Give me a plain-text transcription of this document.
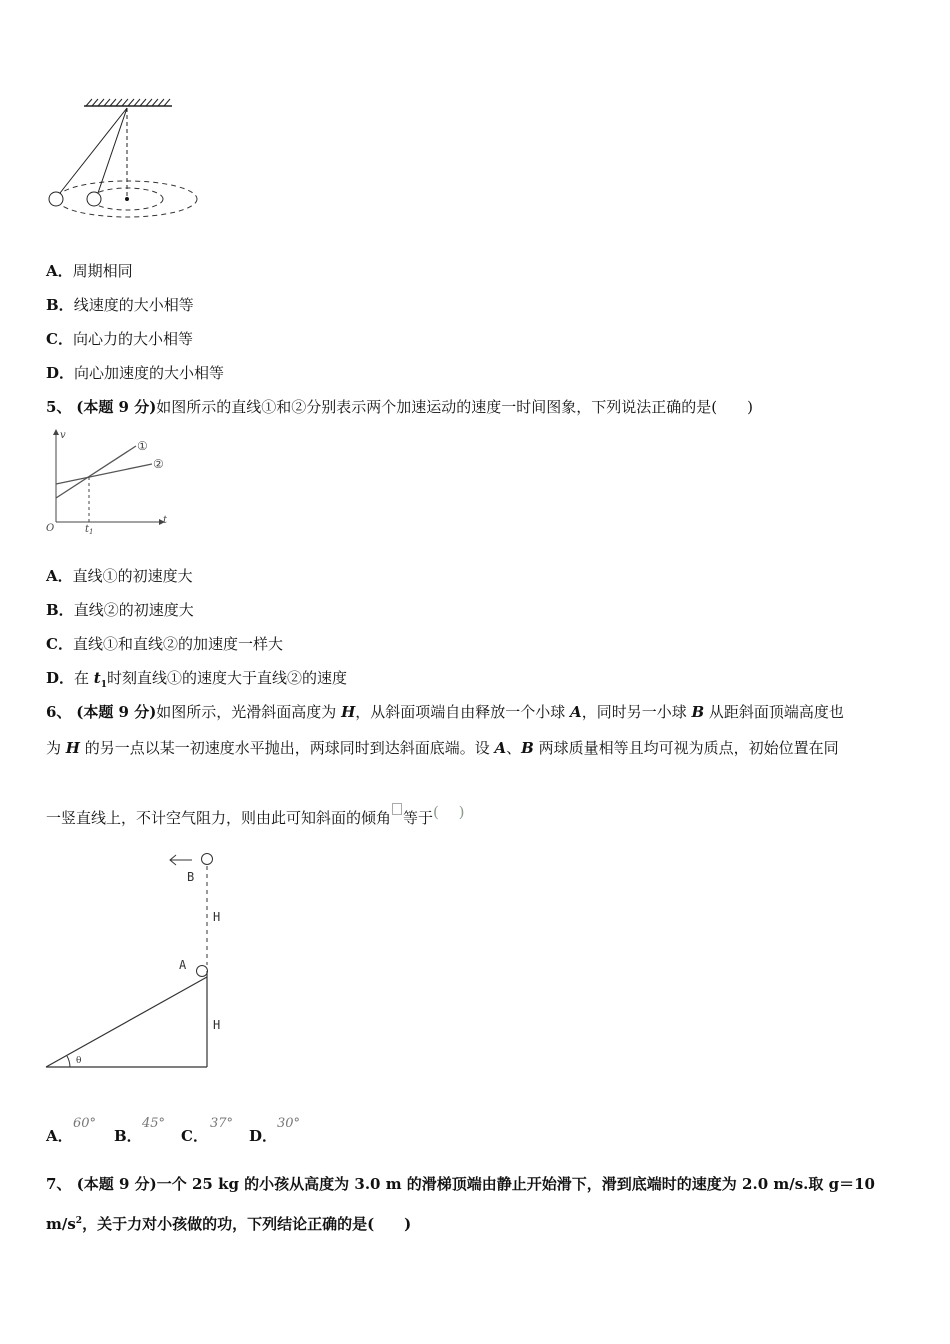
A．周期相同
B．线速度的大小相等
C．向心力的大小相等
D．向心加速度的大小相等
5、 (本题 9 分)如图所示的直线①和②分别表示两个加速运动的速度一时间图象，下列说法正确的是(　　)
v
t
O	$t_1$
①
②
A．直线①的初速度大
B．直线②的初速度大
C．直线①和直线②的加速度一样大
D．在 $t_1$时刻直线①的速度大于直线②的速度
6、 (本题 9 分)如图所示，光滑斜面高度为 H，从斜面项端自由释放一个小球 A，同时另一小球 B 从距斜面顶端高度也
为 H 的另一点以某一初速度水平抛出，两球同时到达斜面底端。设 A、B 两球质量相等且均可视为质点，初始位置在同
一竖直线上，不计空气阻力，则由此可知斜面的倾角 等于(　 )
B
H
A
H
θ
A．
60°
B．
45°
C．
37°
D．
30°
7、 (本题 9 分)一个 25 kg 的小孩从高度为 3.0 m 的滑梯顶端由静止开始滑下，滑到底端时的速度为 2.0 m/s.取 g＝10
$m/s^2$，关于力对小孩做的功，下列结论正确的是(　　)
